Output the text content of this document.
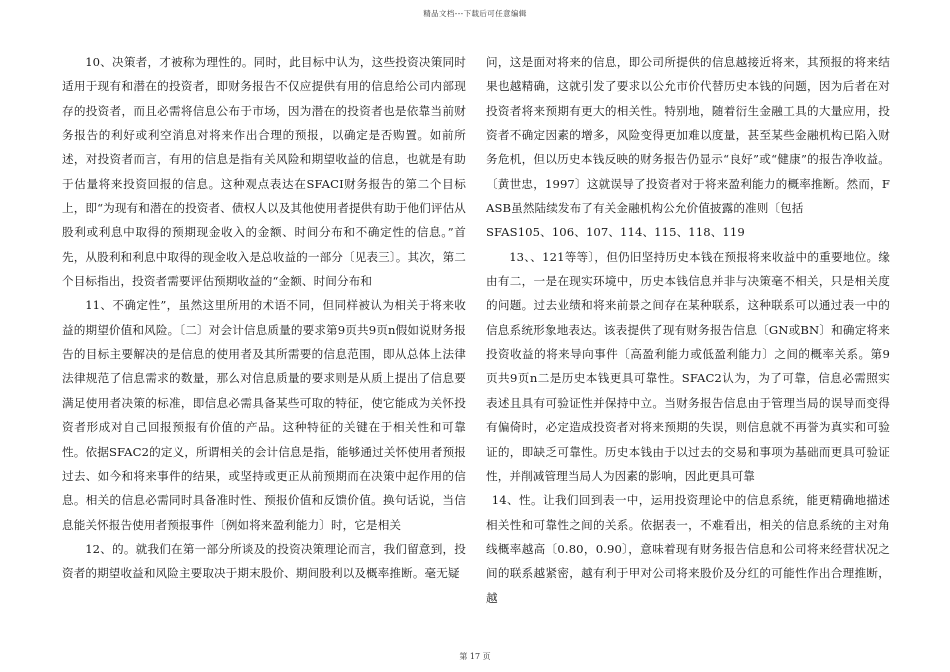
精品文档---下载后可任意编辑

10、决策者，才被称为理性的。同时，此目标中认为，这些投资决策同时适用于现有和潜在的投资者，即财务报告不仅应提供有用的信息给公司内部现存的投资者，而且必需将信息公布于市场，因为潜在的投资者也是依靠当前财务报告的利好或利空消息对将来作出合理的预报，以确定是否购置。如前所述，对投资者而言，有用的信息是指有关风险和期望收益的信息，也就是有助于估量将来投资回报的信息。这种观点表达在SFACI财务报告的第二个目标上，即“为现有和潜在的投资者、债权人以及其他使用者提供有助于他们评估从股利或利息中取得的预期现金收入的金额、时间分布和不确定性的信息。”首先，从股利和利息中取得的现金收入是总收益的一部分〔见表三〕。其次，第二个目标指出，投资者需要评估预期收益的“金额、时间分布和

11、不确定性”，虽然这里所用的术语不同，但同样被认为相关于将来收益的期望价值和风险。〔二〕对会计信息质量的要求第9页共9页n假如说财务报告的目标主要解决的是信息的使用者及其所需要的信息范围，即从总体上法律法律规范了信息需求的数量，那么对信息质量的要求则是从质上提出了信息要满足使用者决策的标准，即信息必需具备某些可取的特征，使它能成为关怀投资者形成对自己回报预报有价值的产品。这种特征的关键在于相关性和可靠性。依据SFAC2的定义，所谓相关的会计信息是指，能够通过关怀使用者预报过去、如今和将来事件的结果，或坚持或更正从前预期而在决策中起作用的信息。相关的信息必需同时具备准时性、预报价值和反馈价值。换句话说，当信息能关怀报告使用者预报事件〔例如将来盈利能力〕时，它是相关

12、的。就我们在第一部分所谈及的投资决策理论而言，我们留意到，投资者的期望收益和风险主要取决于期末股价、期间股利以及概率推断。毫无疑

问，这是面对将来的信息，即公司所提供的信息越接近将来，其预报的将来结果也越精确，这就引发了要求以公允市价代替历史本钱的问题，因为后者在对投资者将来预期有更大的相关性。特别地，随着衍生金融工具的大量应用，投资者不确定因素的增多，风险变得更加难以度量，甚至某些金融机构已陷入财务危机，但以历史本钱反映的财务报告仍显示“良好”或“健康”的报告净收益。〔黄世忠，1997〕这就误导了投资者对于将来盈利能力的概率推断。然而，FASB虽然陆续发布了有关金融机构公允价值披露的准则〔包括

SFAS105、106、107、114、115、118、119

13、、121等等〕，但仍旧坚持历史本钱在预报将来收益中的重要地位。缘由有二，一是在现实环境中，历史本钱信息并非与决策毫不相关，只是相关度的问题。过去业绩和将来前景之间存在某种联系，这种联系可以通过表一中的信息系统形象地表达。该表提供了现有财务报告信息〔GN或BN〕和确定将来投资收益的将来导向事件〔高盈利能力或低盈利能力〕之间的概率关系。第9页共9页n二是历史本钱更具可靠性。SFAC2认为，为了可靠，信息必需照实表述且具有可验证性并保持中立。当财务报告信息由于管理当局的误导而变得有偏倚时，必定造成投资者对将来预期的失误，则信息就不再誉为真实和可验证的，即缺乏可靠性。历史本钱由于以过去的交易和事项为基础而更具可验证性，并削减管理当局人为因素的影响，因此更具可靠

14、性。让我们回到表一中，运用投资理论中的信息系统，能更精确地描述相关性和可靠性之间的关系。依据表一，不难看出，相关的信息系统的主对角线概率越高〔0.80，0.90〕，意味着现有财务报告信息和公司将来经营状况之间的联系越紧密，越有利于甲对公司将来股价及分红的可能性作出合理推断，越

第 17 页
